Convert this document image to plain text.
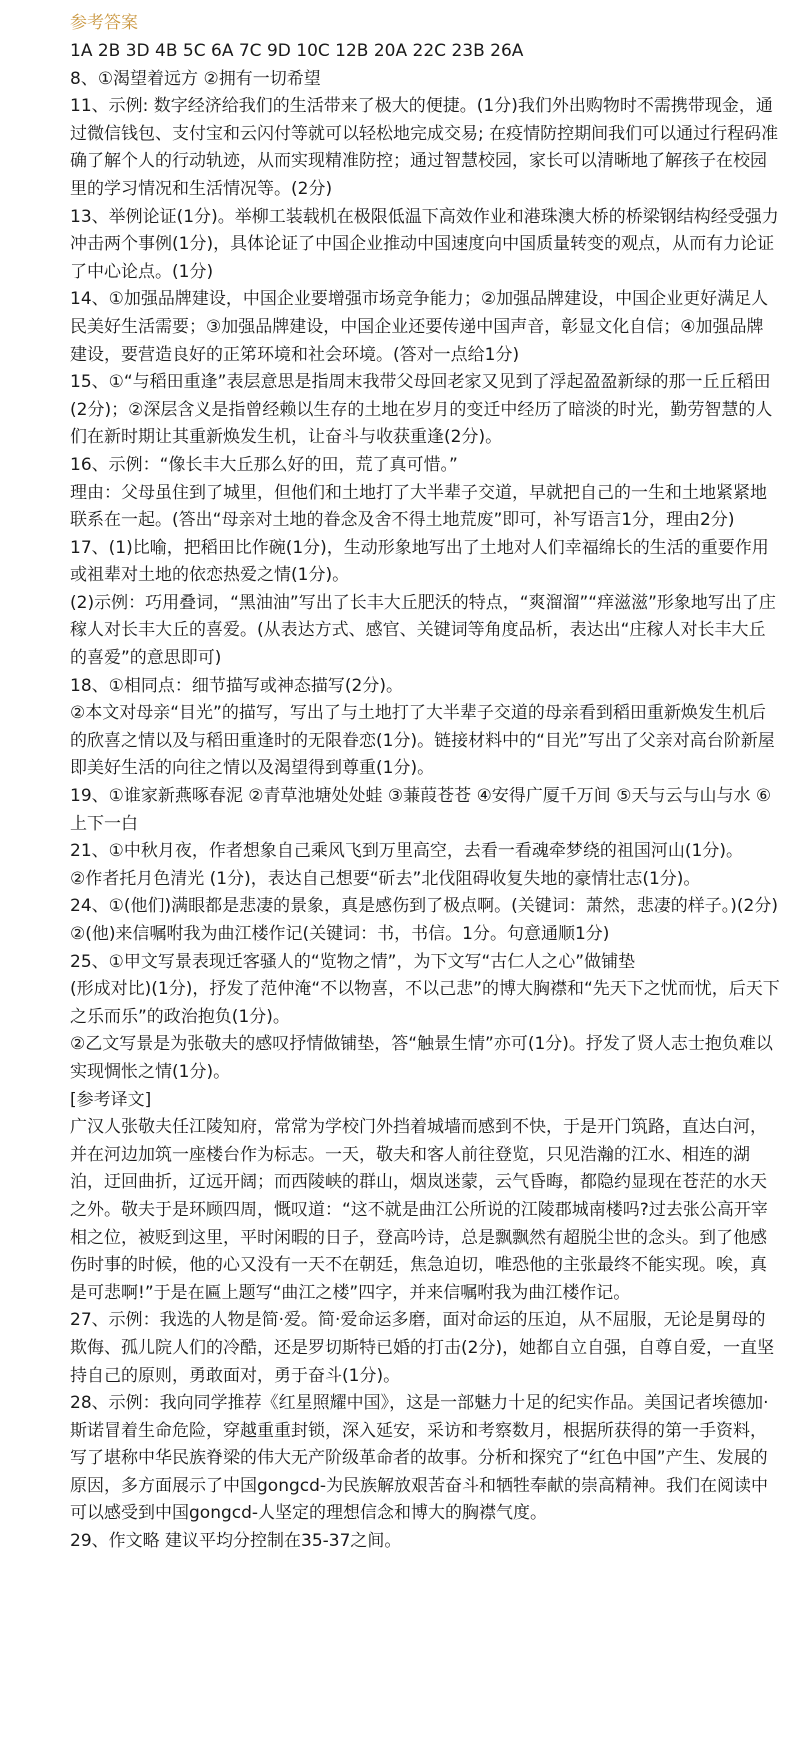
参考答案
1A 2B 3D 4B 5C 6A 7C 9D 10C 12B 20A 22C 23B 26A
8、①渴望着远方 ②拥有一切希望
11、示例: 数字经济给我们的生活带来了极大的便捷。(1分)我们外出购物时不需携带现金，通过微信钱包、支付宝和云闪付等就可以轻松地完成交易; 在疫情防控期间我们可以通过行程码准确了解个人的行动轨迹，从而实现精准防控；通过智慧校园，家长可以清晰地了解孩子在校园里的学习情况和生活情况等。(2分)
13、举例论证(1分)。举柳工装载机在极限低温下高效作业和港珠澳大桥的桥梁钢结构经受强力冲击两个事例(1分)，具体论证了中国企业推动中国速度向中国质量转变的观点，从而有力论证了中心论点。(1分)
14、①加强品牌建设，中国企业要增强市场竞争能力；②加强品牌建设，中国企业更好满足人民美好生活需要；③加强品牌建设，中国企业还要传递中国声音，彰显文化自信；④加强品牌建设，要营造良好的正笫环境和社会环境。(答对一点给1分)
15、①“与稻田重逢”表层意思是指周末我带父母回老家又见到了浮起盈盈新绿的那一丘丘稻田(2分)；②深层含义是指曾经赖以生存的土地在岁月的变迁中经历了暗淡的时光，勤劳智慧的人们在新时期让其重新焕发生机，让奋斗与收获重逢(2分)。
16、示例：“像长丰大丘那么好的田，荒了真可惜。”
理由：父母虽住到了城里，但他们和土地打了大半辈子交道，早就把自己的一生和土地紧紧地联系在一起。(答出“母亲对土地的眷念及舍不得土地荒废”即可，补写语言1分，理由2分)
17、(1)比喻，把稻田比作碗(1分)，生动形象地写出了土地对人们幸福绵长的生活的重要作用或祖辈对土地的依恋热爱之情(1分)。
(2)示例：巧用叠词，“黑油油”写出了长丰大丘肥沃的特点，“爽溜溜”“痒滋滋”形象地写出了庄稼人对长丰大丘的喜爱。(从表达方式、感官、关键词等角度品析，表达出“庄稼人对长丰大丘的喜爱”的意思即可)
18、①相同点：细节描写或神态描写(2分)。
②本文对母亲“目光”的描写，写出了与土地打了大半辈子交道的母亲看到稻田重新焕发生机后的欣喜之情以及与稻田重逢时的无限眷恋(1分)。链接材料中的“目光”写出了父亲对高台阶新屋即美好生活的向往之情以及渴望得到尊重(1分)。
19、①谁家新燕啄春泥 ②青草池塘处处蛙 ③蒹葭苍苍 ④安得广厦千万间 ⑤天与云与山与水 ⑥上下一白
21、①中秋月夜，作者想象自己乘风飞到万里高空，去看一看魂牵梦绕的祖国河山(1分)。
②作者托月色清光 (1分)，表达自己想要“斫去”北伐阻碍收复失地的豪情壮志(1分)。
24、①(他们)满眼都是悲凄的景象，真是感伤到了极点啊。(关键词：萧然，悲凄的样子。)(2分)
②(他)来信嘱咐我为曲江楼作记(关键词：书，书信。1分。句意通顺1分)
25、①甲文写景表现迁客骚人的“览物之情”，为下文写“古仁人之心”做铺垫
(形成对比)(1分)，抒发了范仲淹“不以物喜，不以己悲”的博大胸襟和“先天下之忧而忧，后天下之乐而乐”的政治抱负(1分)。
②乙文写景是为张敬夫的感叹抒情做铺垫，答“触景生情”亦可(1分)。抒发了贤人志士抱负难以实现惆怅之情(1分)。
[参考译文]
广汉人张敬夫任江陵知府，常常为学校门外挡着城墙而感到不快，于是开门筑路，直达白河，并在河边加筑一座楼台作为标志。一天，敬夫和客人前往登览，只见浩瀚的江水、相连的湖泊，迂回曲折，辽远开阔；而西陵峡的群山，烟岚迷蒙，云气昏晦，都隐约显现在苍茫的水天之外。敬夫于是环顾四周，慨叹道：“这不就是曲江公所说的江陵郡城南楼吗?过去张公高开宰相之位，被贬到这里，平时闲暇的日子，登高吟诗，总是飘飘然有超脱尘世的念头。到了他感伤时事的时候，他的心又没有一天不在朝廷，焦急迫切，唯恐他的主张最终不能实现。唉，真是可悲啊!”于是在匾上题写“曲江之楼”四字，并来信嘱咐我为曲江楼作记。
27、示例：我选的人物是简·爱。简·爱命运多磨，面对命运的压迫，从不屈服，无论是舅母的欺侮、孤儿院人们的冷酷，还是罗切斯特已婚的打击(2分)，她都自立自强，自尊自爱，一直坚持自己的原则，勇敢面对，勇于奋斗(1分)。
28、示例：我向同学推荐《红星照耀中国》，这是一部魅力十足的纪实作品。美国记者埃德加·斯诺冒着生命危险，穿越重重封锁，深入延安，采访和考察数月，根据所获得的第一手资料，写了堪称中华民族脊梁的伟大无产阶级革命者的故事。分析和探究了“红色中国”产生、发展的原因，多方面展示了中国gongcd-为民族解放艰苦奋斗和牺牲奉献的崇高精神。我们在阅读中可以感受到中国gongcd-人坚定的理想信念和博大的胸襟气度。
29、作文略 建议平均分控制在35-37之间。
